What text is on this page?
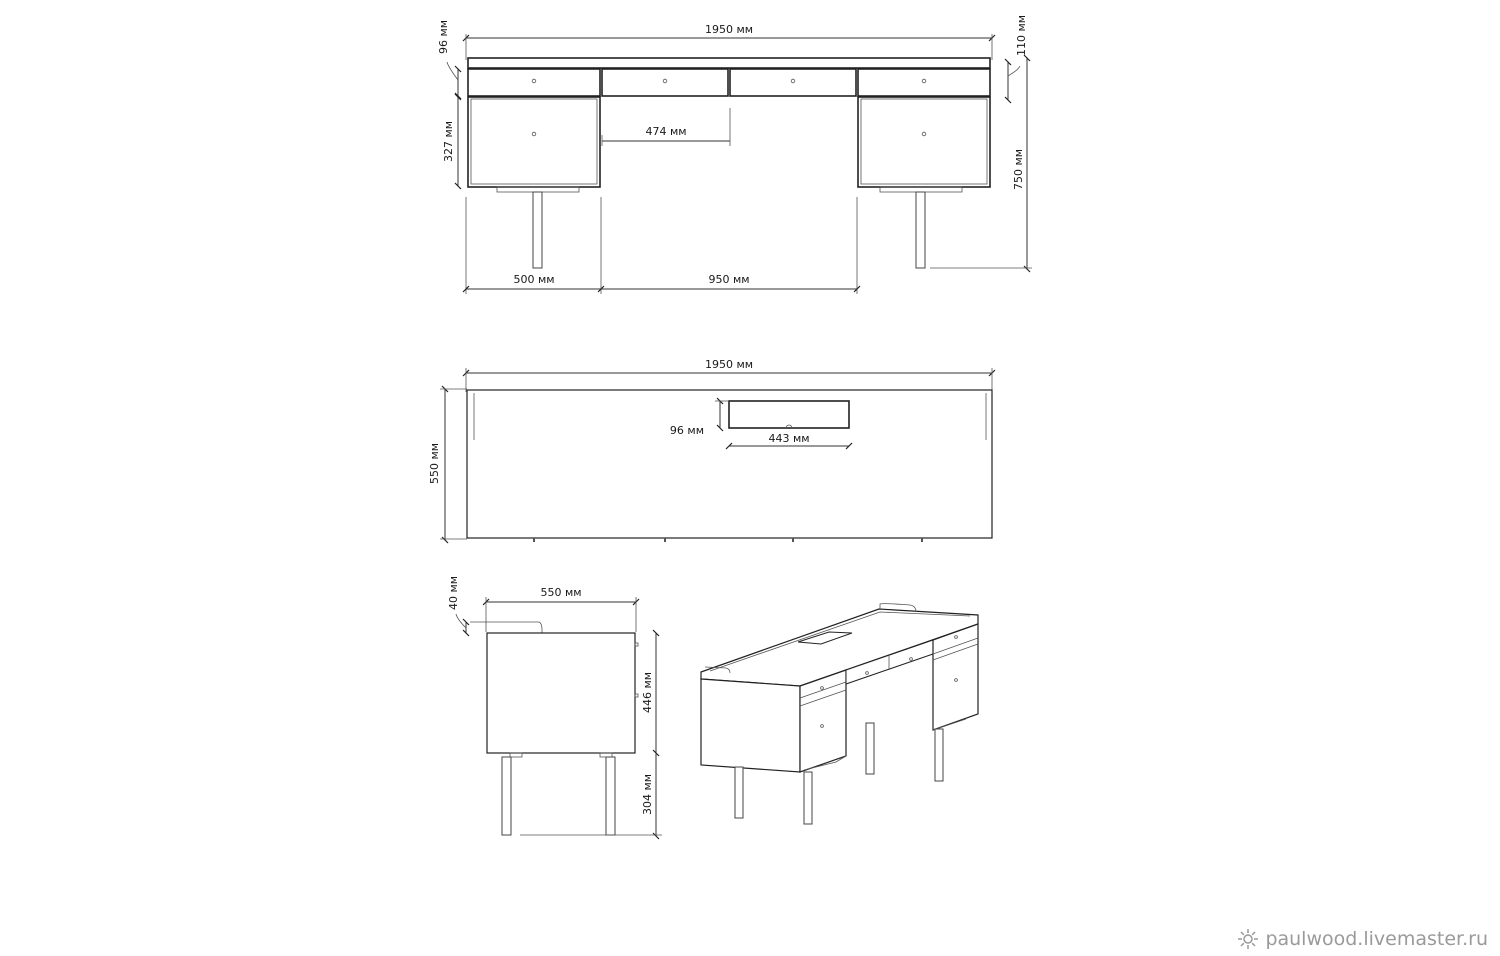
1950 мм
96 мм
327 мм
110 мм
750 мм
474 мм
500 мм	950 мм
1950 мм
550 мм
96 мм
443 мм
550 мм
40 мм
446 мм
304 мм
paulwood.livemaster.ru
